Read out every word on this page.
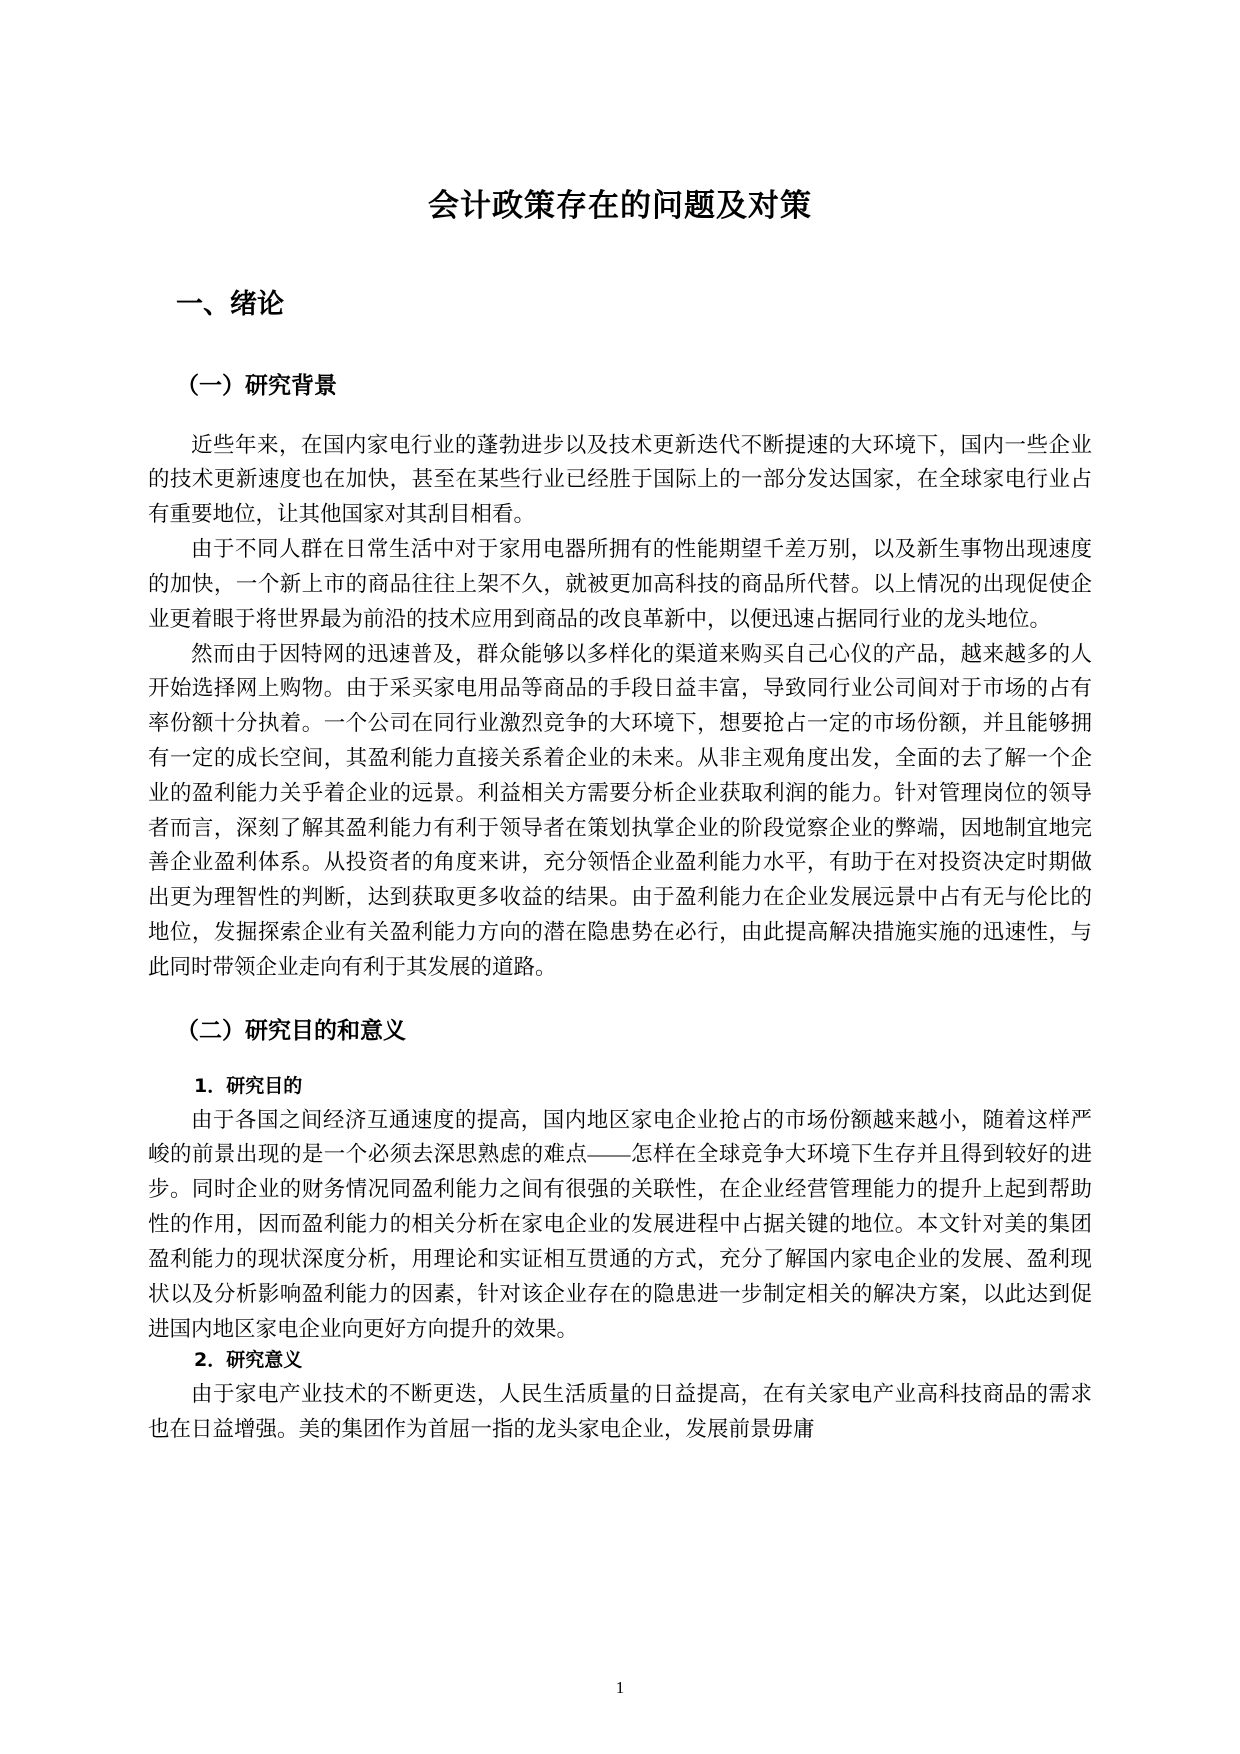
会计政策存在的问题及对策
一、绪论
（一）研究背景

近些年来，在国内家电行业的蓬勃进步以及技术更新迭代不断提速的大环境下，国内一些企业的技术更新速度也在加快，甚至在某些行业已经胜于国际上的一部分发达国家，在全球家电行业占有重要地位，让其他国家对其刮目相看。

由于不同人群在日常生活中对于家用电器所拥有的性能期望千差万别，以及新生事物出现速度的加快，一个新上市的商品往往上架不久，就被更加高科技的商品所代替。以上情况的出现促使企业更着眼于将世界最为前沿的技术应用到商品的改良革新中，以便迅速占据同行业的龙头地位。

然而由于因特网的迅速普及，群众能够以多样化的渠道来购买自己心仪的产品，越来越多的人开始选择网上购物。由于采买家电用品等商品的手段日益丰富，导致同行业公司间对于市场的占有率份额十分执着。一个公司在同行业激烈竞争的大环境下，想要抢占一定的市场份额，并且能够拥有一定的成长空间，其盈利能力直接关系着企业的未来。从非主观角度出发，全面的去了解一个企业的盈利能力关乎着企业的远景。利益相关方需要分析企业获取利润的能力。针对管理岗位的领导者而言，深刻了解其盈利能力有利于领导者在策划执掌企业的阶段觉察企业的弊端，因地制宜地完善企业盈利体系。从投资者的角度来讲，充分领悟企业盈利能力水平，有助于在对投资决定时期做出更为理智性的判断，达到获取更多收益的结果。由于盈利能力在企业发展远景中占有无与伦比的地位，发掘探索企业有关盈利能力方向的潜在隐患势在必行，由此提高解决措施实施的迅速性，与此同时带领企业走向有利于其发展的道路。

（二）研究目的和意义
1．研究目的

由于各国之间经济互通速度的提高，国内地区家电企业抢占的市场份额越来越小，随着这样严峻的前景出现的是一个必须去深思熟虑的难点——怎样在全球竞争大环境下生存并且得到较好的进步。同时企业的财务情况同盈利能力之间有很强的关联性，在企业经营管理能力的提升上起到帮助性的作用，因而盈利能力的相关分析在家电企业的发展进程中占据关键的地位。本文针对美的集团盈利能力的现状深度分析，用理论和实证相互贯通的方式，充分了解国内家电企业的发展、盈利现状以及分析影响盈利能力的因素，针对该企业存在的隐患进一步制定相关的解决方案，以此达到促进国内地区家电企业向更好方向提升的效果。

2．研究意义

由于家电产业技术的不断更迭，人民生活质量的日益提高，在有关家电产业高科技商品的需求也在日益增强。美的集团作为首屈一指的龙头家电企业，发展前景毋庸

1
